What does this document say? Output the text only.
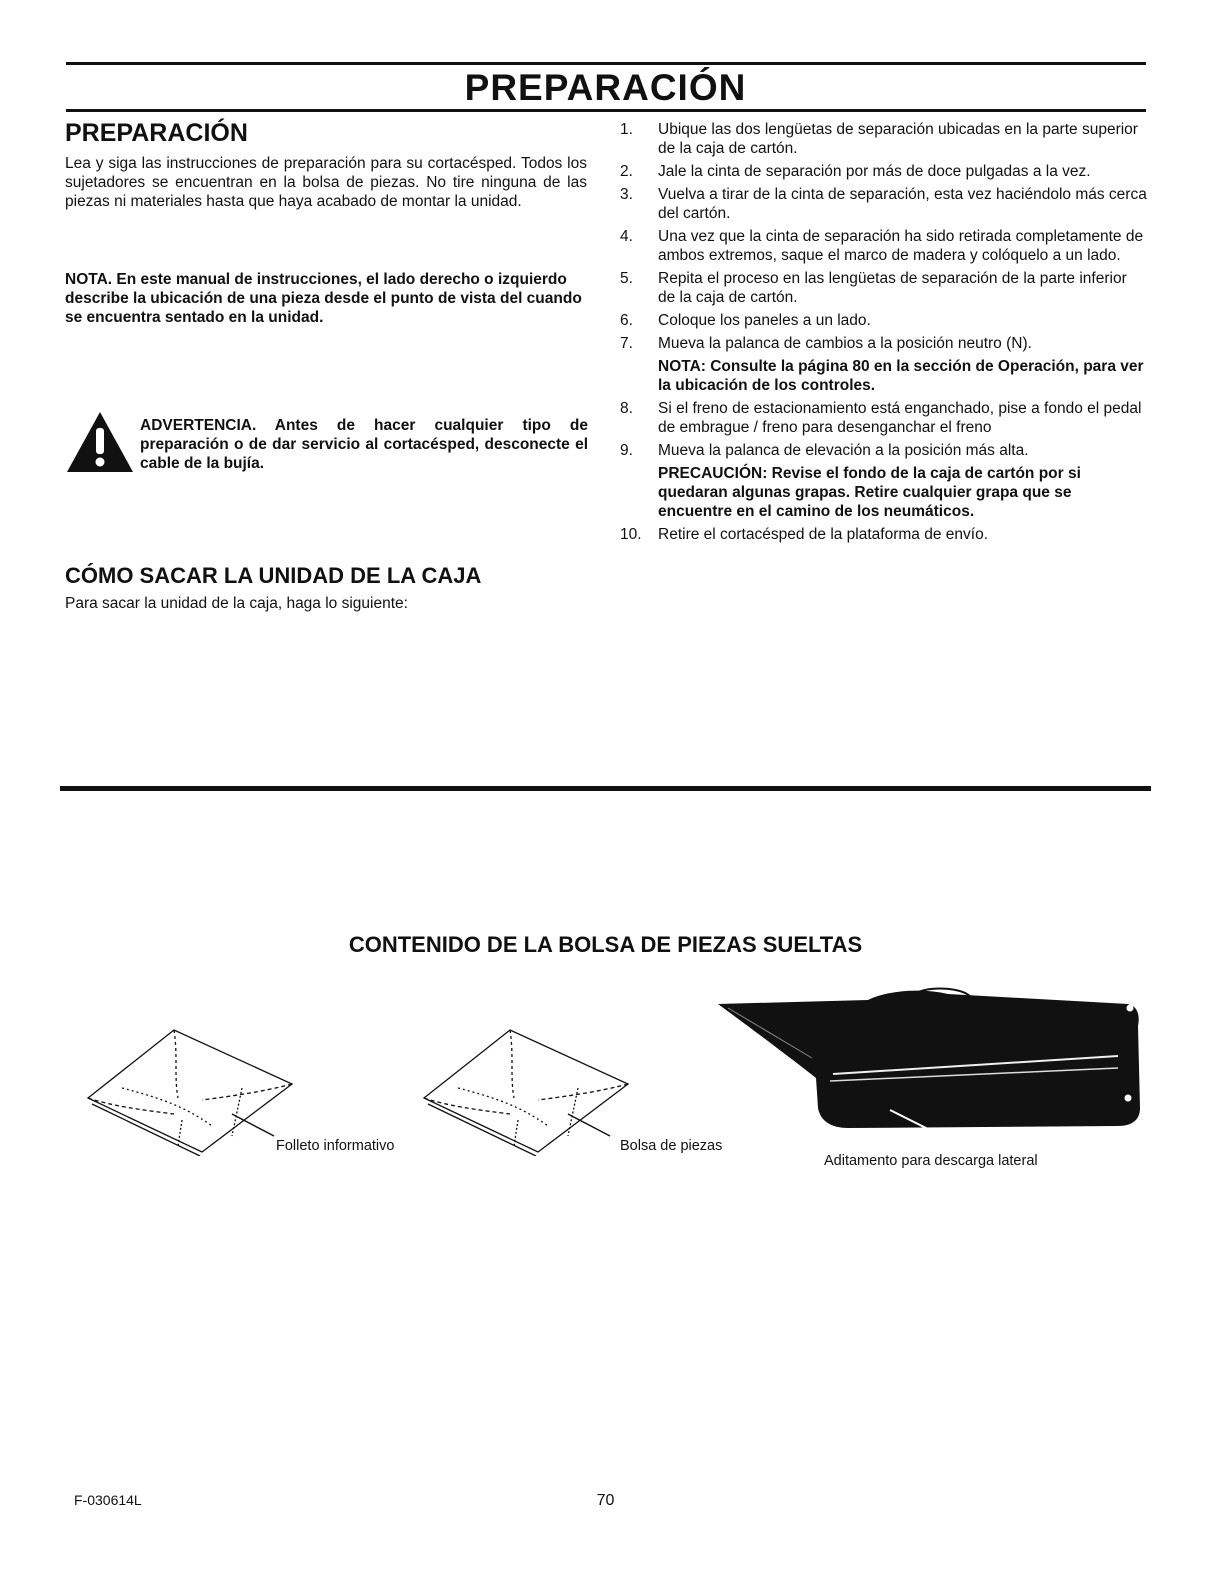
PREPARACIÓN
PREPARACIÓN
Lea y siga las instrucciones de preparación para su cortacésped. Todos los sujetadores se encuentran en la bolsa de piezas. No tire ninguna de las piezas ni materiales hasta que haya acabado de montar la unidad.
NOTA. En este manual de instrucciones, el lado derecho o izquierdo describe la ubicación de una pieza desde el punto de vista del cuando se encuentra sentado en la unidad.
ADVERTENCIA. Antes de hacer cualquier tipo de preparación o de dar servicio al cortacésped, desconecte el cable de la bujía.
CÓMO SACAR LA UNIDAD DE LA CAJA
Para sacar la unidad de la caja, haga lo siguiente:
1.	Ubique las dos lengüetas de separación ubicadas en la parte superior de la caja de cartón.
2.	Jale la cinta de separación por más de doce pulgadas a la vez.
3.	Vuelva a tirar de la cinta de separación, esta vez haciéndolo más cerca del cartón.
4.	Una vez que la cinta de separación ha sido retirada completamente de ambos extremos, saque el marco de madera y colóquelo a un lado.
5.	Repita el proceso en las lengüetas de separación de la parte inferior de la caja de cartón.
6.	Coloque los paneles a un lado.
7.	Mueva la palanca de cambios a la posición neutro (N).
NOTA: Consulte la página 80 en la sección de Operación, para ver la ubicación de los controles.
8.	Si el freno de estacionamiento está enganchado, pise a fondo el pedal de embrague / freno para desenganchar el freno
9.	Mueva la palanca de elevación a la posición más alta.
PRECAUCIÓN: Revise el fondo de la caja de cartón por si quedaran algunas grapas. Retire cualquier grapa que se encuentre en el camino de los neumáticos.
10.	Retire el cortacésped de la plataforma de envío.
CONTENIDO DE LA BOLSA DE PIEZAS SUELTAS
Folleto informativo	Bolsa de piezas
Aditamento para descarga lateral
F-030614L	70
